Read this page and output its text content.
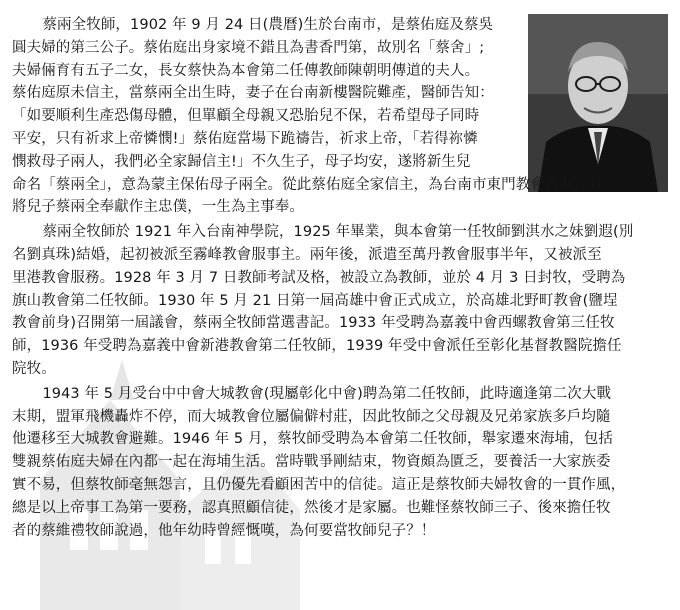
蔡兩全牧師，1902 年 9 月 24 日(農曆)生於台南市，是蔡佑庭及蔡吳
圓夫婦的第三公子。蔡佑庭出身家境不錯且為書香門第，故別名「蔡舍」;
夫婦倆育有五子二女，長女蔡快為本會第二任傳教師陳朝明傳道的夫人。
蔡佑庭原未信主，當蔡兩全出生時，妻子在台南新樓醫院難產，醫師告知：
「如要順利生產恐傷母體，但單顧全母親又恐胎兒不保，若希望母子同時
平安，只有祈求上帝憐憫!」蔡佑庭當場下跪禱告，祈求上帝，「若得祢憐
憫救母子兩人，我們必全家歸信主!」不久生子，母子均安，遂將新生兒
命名「蔡兩全」，意為蒙主保佑母子兩全。從此蔡佑庭全家信主，為台南市東門教會會友，且
將兒子蔡兩全奉獻作主忠僕，一生為主事奉。

蔡兩全牧師於 1921 年入台南神學院，1925 年畢業，與本會第一任牧師劉淇水之妹劉遐(別
名劉真珠)結婚，起初被派至霧峰教會服事主。兩年後，派遣至萬丹教會服事半年，又被派至
里港教會服務。1928 年 3 月 7 日教師考試及格，被設立為教師，並於 4 月 3 日封牧，受聘為
旗山教會第二任牧師。1930 年 5 月 21 日第一屆高雄中會正式成立，於高雄北野町教會(鹽埕
教會前身)召開第一屆議會，蔡兩全牧師當選書記。1933 年受聘為嘉義中會西螺教會第三任牧
師，1936 年受聘為嘉義中會新港教會第二任牧師，1939 年受中會派任至彰化基督教醫院擔任
院牧。

1943 年 5 月受台中中會大城教會(現屬彰化中會)聘為第二任牧師，此時適逢第二次大戰
末期，盟軍飛機轟炸不停，而大城教會位屬偏僻村莊，因此牧師之父母親及兄弟家族多戶均隨
他遷移至大城教會避難。1946 年 5 月，蔡牧師受聘為本會第二任牧師，舉家遷來海埔，包括
雙親蔡佑庭夫婦在內都一起在海埔生活。當時戰爭剛結束，物資頗為匱乏，要養活一大家族委
實不易，但蔡牧師毫無怨言，且仍優先看顧困苦中的信徒。這正是蔡牧師夫婦牧會的一貫作風，
總是以上帝事工為第一要務，認真照顧信徒，然後才是家屬。也難怪蔡牧師三子、後來擔任牧
者的蔡維禮牧師說過，他年幼時曾經慨嘆，為何要當牧師兒子？！
